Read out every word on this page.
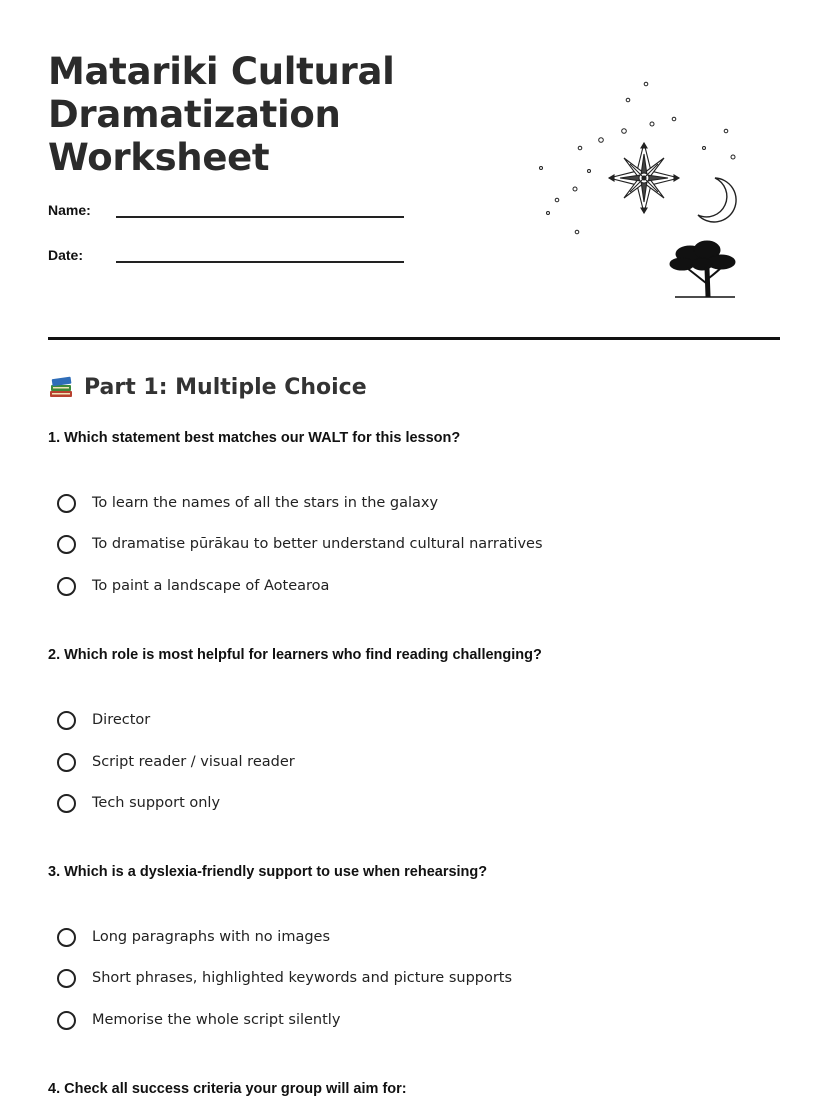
Matariki Cultural
Dramatization
Worksheet
Name:
Date:
Part 1: Multiple Choice

1. Which statement best matches our WALT for this lesson?

To learn the names of all the stars in the galaxy
To dramatise pūrākau to better understand cultural narratives
To paint a landscape of Aotearoa

2. Which role is most helpful for learners who find reading challenging?

Director
Script reader / visual reader
Tech support only

3. Which is a dyslexia-friendly support to use when rehearsing?

Long paragraphs with no images
Short phrases, highlighted keywords and picture supports
Memorise the whole script silently

4. Check all success criteria your group will aim for:
